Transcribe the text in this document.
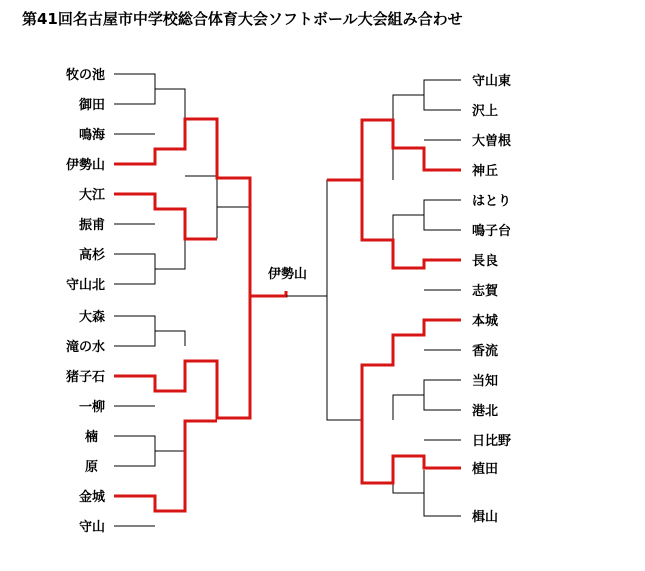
第41回名古屋市中学校総合体育大会ソフトボール大会組み合わせ
伊勢山
牧の池
御田
鳴海
伊勢山
大江
振甫
高杉
守山北
大森
滝の水
猪子石
一柳
楠
原
金城
守山
守山東
沢上
大曽根
神丘
はとり
鳴子台
長良
志賀
本城
香流
当知
港北
日比野
植田
楫山
